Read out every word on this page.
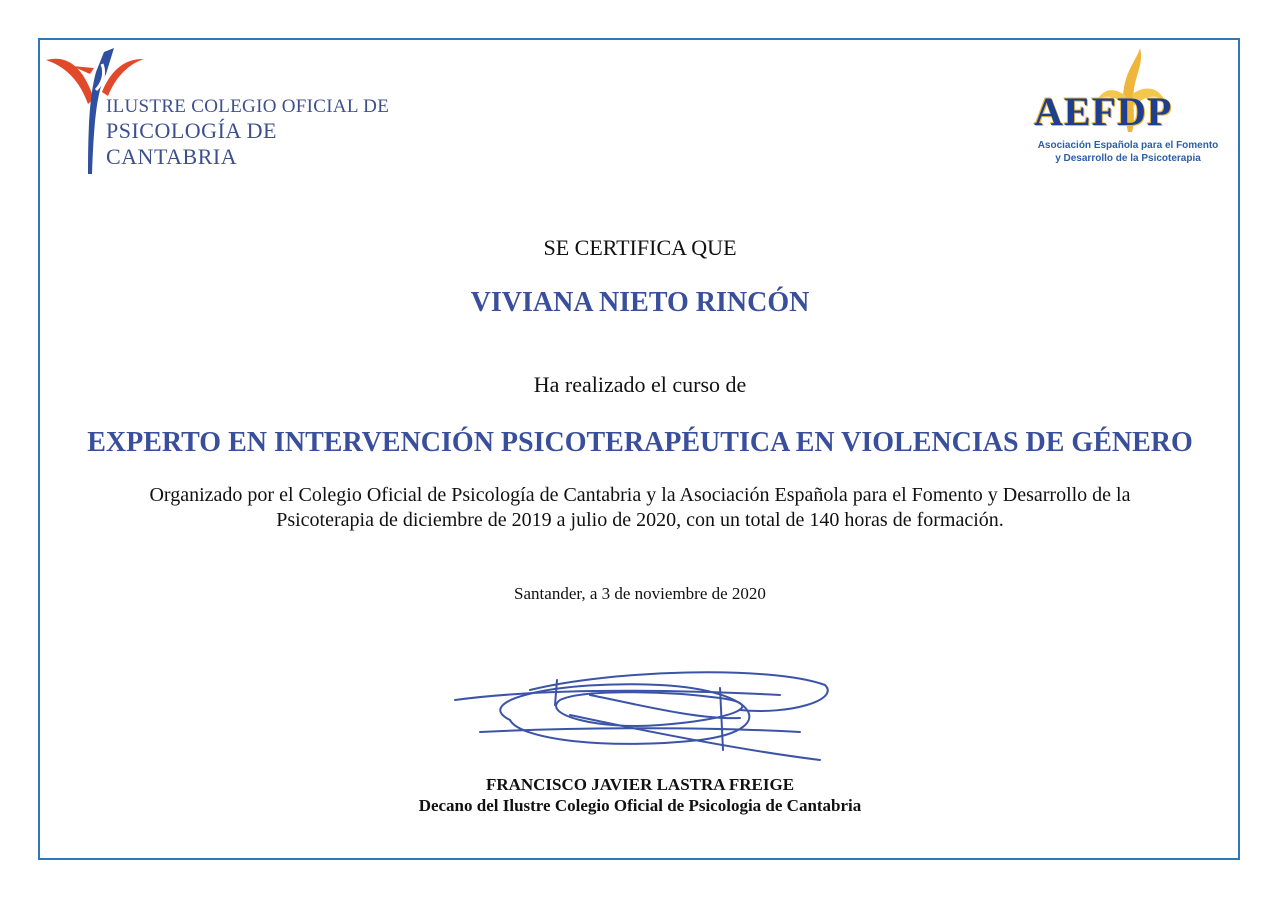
ILUSTRE COLEGIO OFICIAL DE
PSICOLOGÍA DE CANTABRIA
AEFDP
Asociación Española para el Fomento
y Desarrollo de la Psicoterapia
SE CERTIFICA QUE
VIVIANA NIETO RINCÓN
Ha realizado el curso de
EXPERTO EN INTERVENCIÓN PSICOTERAPÉUTICA EN VIOLENCIAS DE GÉNERO
Organizado por el Colegio Oficial de Psicología de Cantabria y la Asociación Española para el Fomento y Desarrollo de la
Psicoterapia de diciembre de 2019 a julio de 2020, con un total de 140 horas de formación.
Santander, a 3 de noviembre de 2020
FRANCISCO JAVIER LASTRA FREIGE
Decano del Ilustre Colegio Oficial de Psicologia de Cantabria
